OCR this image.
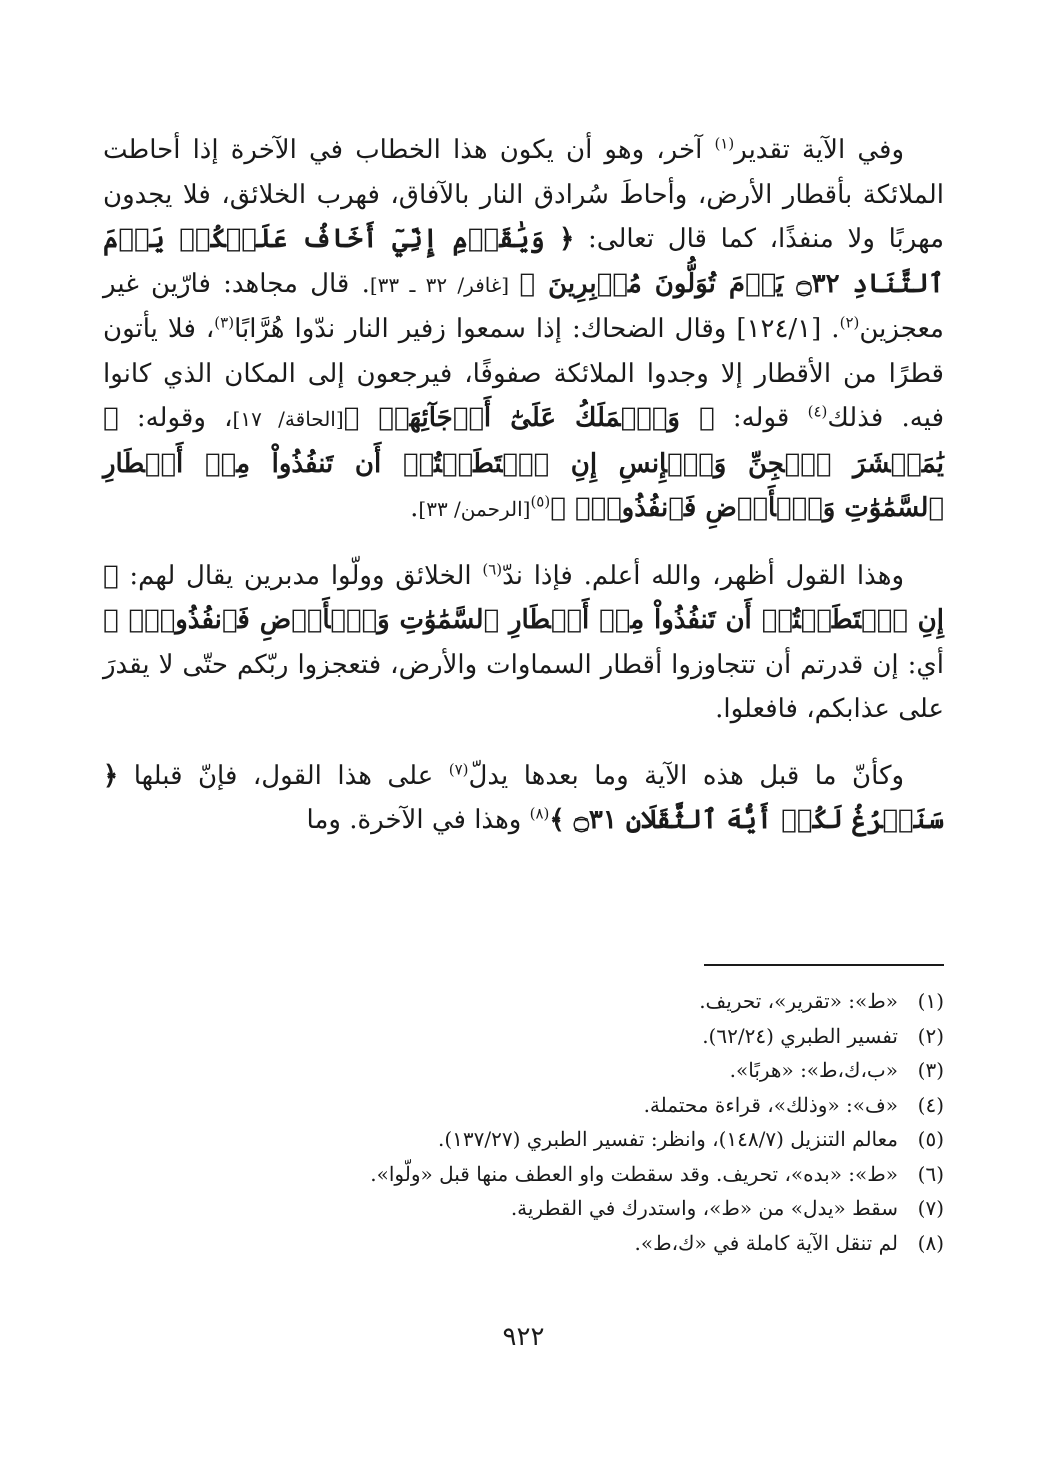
وفي الآية تقدير$^{(١)}$ آخر، وهو أن يكون هذا الخطاب في الآخرة إذا أحاطت الملائكة بأقطار الأرض، وأحاطَ سُرادق النار بالآفاق، فهرب الخلائق، فلا يجدون مهربًا ولا منفذًا، كما قال تعالى: ﴿ وَيَٰقَوۡمِ إِنِّيٓ أَخَافُ عَلَيۡكُمۡ يَوۡمَ ٱلتَّنَادِ ۝٣٢ يَوۡمَ تُوَلُّونَ مُدۡبِرِينَ ﴾ [غافر/ ٣٢ ـ ٣٣]. قال مجاهد: فارّين غير معجزين$^{(٢)}$. [١٢٤/١] وقال الضحاك: إذا سمعوا زفير النار ندّوا هُرَّابًا$^{(٣)}$، فلا يأتون قطرًا من الأقطار إلا وجدوا الملائكة صفوفًا، فيرجعون إلى المكان الذي كانوا فيه. فذلك$^{(٤)}$ قوله: ﴿ وَٱلۡمَلَكُ عَلَىٰٓ أَرۡجَآئِهَآۚ ﴾[الحاقة/ ١٧]، وقوله: ﴿ يَٰمَعۡشَرَ ٱلۡجِنِّ وَٱلۡإِنسِ إِنِ ٱسۡتَطَعۡتُمۡ أَن تَنفُذُواْ مِنۡ أَقۡطَارِ ٱلسَّمَٰوَٰتِ وَٱلۡأَرۡضِ فَٱنفُذُواْۚ ﴾$^{(٥)}$[الرحمن/ ٣٣].

وهذا القول أظهر، والله أعلم. فإذا ندّ$^{(٦)}$ الخلائق وولّوا مدبرين يقال لهم: ﴿ إِنِ ٱسۡتَطَعۡتُمۡ أَن تَنفُذُواْ مِنۡ أَقۡطَارِ ٱلسَّمَٰوَٰتِ وَٱلۡأَرۡضِ فَٱنفُذُواْۚ ﴾ أي: إن قدرتم أن تتجاوزوا أقطار السماوات والأرض، فتعجزوا ربّكم حتّى لا يقدرَ على عذابكم، فافعلوا.

وكأنّ ما قبل هذه الآية وما بعدها يدلّ$^{(٧)}$ على هذا القول، فإنّ قبلها ﴿ سَنَفۡرُغُ لَكُمۡ أَيُّهَ ٱلثَّقَلَانِ ۝٣١ ﴾$^{(٨)}$ وهذا في الآخرة. وما

(١)
«ط»: «تقرير»، تحريف.
(٢)
تفسير الطبري (٦٢/٢٤).
(٣)
«ب،ك،ط»: «هربًا».
(٤)
«ف»: «وذلك»، قراءة محتملة.
(٥)
معالم التنزيل (١٤٨/٧)، وانظر: تفسير الطبري (١٣٧/٢٧).
(٦)
«ط»: «بده»، تحريف. وقد سقطت واو العطف منها قبل «ولّوا».
(٧)
سقط «يدل» من «ط»، واستدرك في القطرية.
(٨)
لم تنقل الآية كاملة في «ك،ط».
٩٢٢
